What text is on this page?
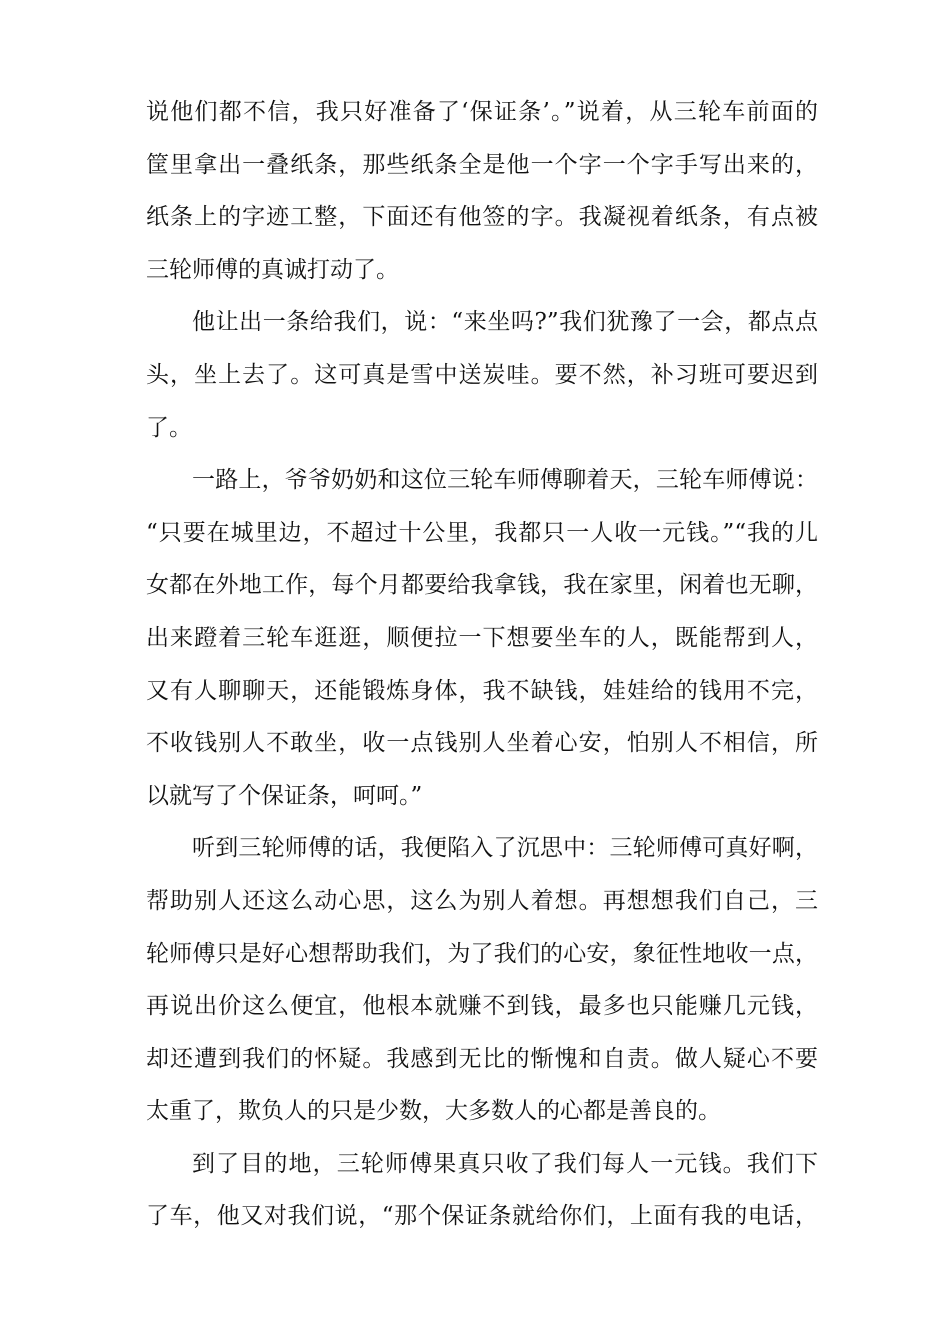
说他们都不信，我只好准备了‘保证条’。”说着，从三轮车前面的
筐里拿出一叠纸条，那些纸条全是他一个字一个字手写出来的，
纸条上的字迹工整，下面还有他签的字。我凝视着纸条，有点被
三轮师傅的真诚打动了。
他让出一条给我们，说：“来坐吗?”我们犹豫了一会，都点点
头，坐上去了。这可真是雪中送炭哇。要不然，补习班可要迟到
了。
一路上，爷爷奶奶和这位三轮车师傅聊着天，三轮车师傅说：
“只要在城里边，不超过十公里，我都只一人收一元钱。”“我的儿
女都在外地工作，每个月都要给我拿钱，我在家里，闲着也无聊，
出来蹬着三轮车逛逛，顺便拉一下想要坐车的人，既能帮到人，
又有人聊聊天，还能锻炼身体，我不缺钱，娃娃给的钱用不完，
不收钱别人不敢坐，收一点钱别人坐着心安，怕别人不相信，所
以就写了个保证条，呵呵。”
听到三轮师傅的话，我便陷入了沉思中：三轮师傅可真好啊，
帮助别人还这么动心思，这么为别人着想。再想想我们自己，三
轮师傅只是好心想帮助我们，为了我们的心安，象征性地收一点，
再说出价这么便宜，他根本就赚不到钱，最多也只能赚几元钱，
却还遭到我们的怀疑。我感到无比的惭愧和自责。做人疑心不要
太重了，欺负人的只是少数，大多数人的心都是善良的。
到了目的地，三轮师傅果真只收了我们每人一元钱。我们下
了车，他又对我们说，“那个保证条就给你们，上面有我的电话，
